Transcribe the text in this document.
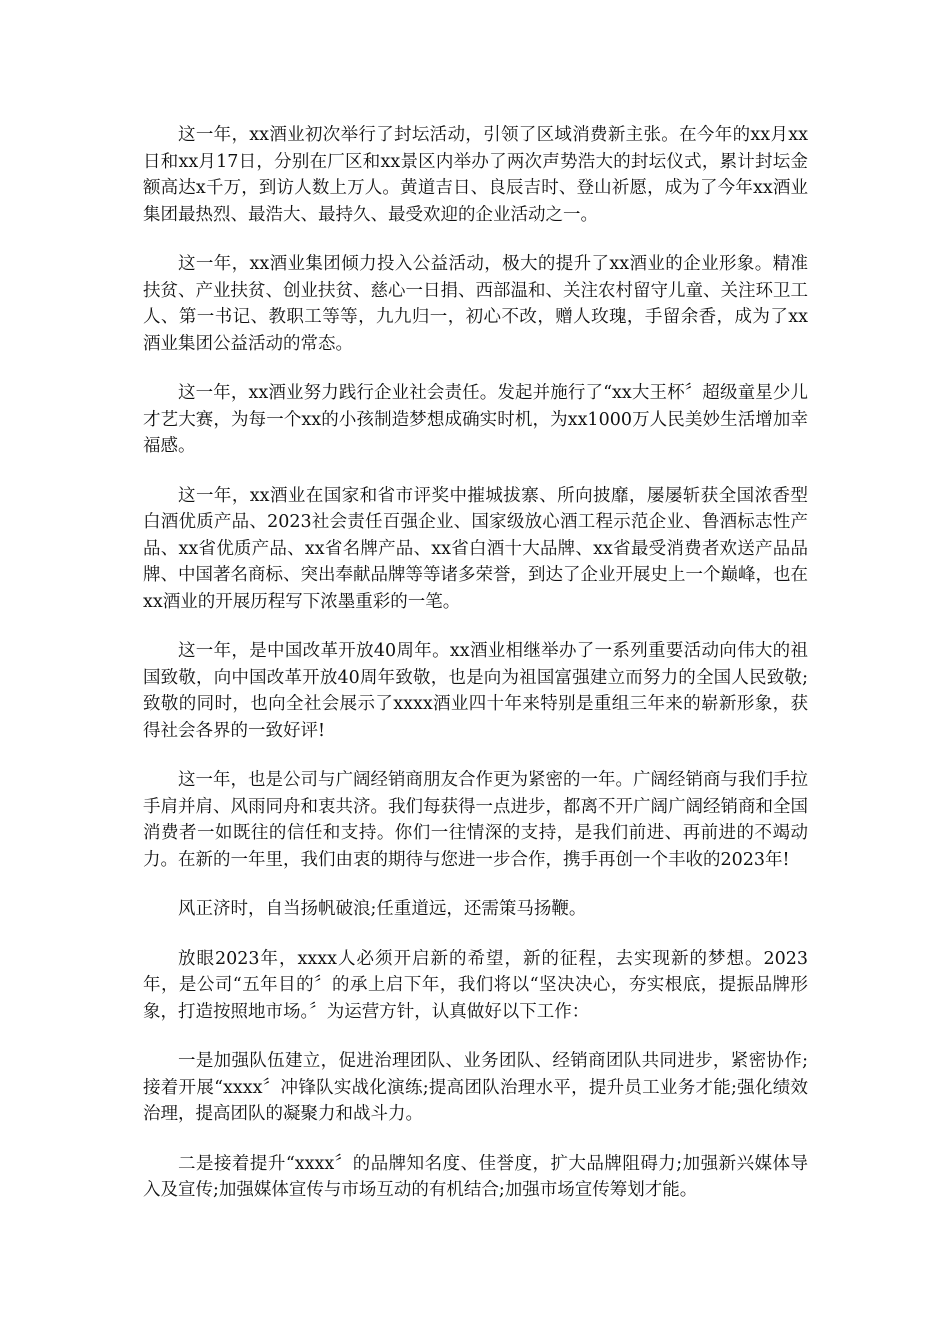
这一年，xx酒业初次举行了封坛活动，引领了区域消费新主张。在今年的xx月xx日和xx月17日，分别在厂区和xx景区内举办了两次声势浩大的封坛仪式，累计封坛金额高达x千万，到访人数上万人。黄道吉日、良辰吉时、登山祈愿，成为了今年xx酒业集团最热烈、最浩大、最持久、最受欢迎的企业活动之一。

这一年，xx酒业集团倾力投入公益活动，极大的提升了xx酒业的企业形象。精准扶贫、产业扶贫、创业扶贫、慈心一日捐、西部温和、关注农村留守儿童、关注环卫工人、第一书记、教职工等等，九九归一，初心不改，赠人玫瑰，手留余香，成为了xx酒业集团公益活动的常态。

这一年，xx酒业努力践行企业社会责任。发起并施行了“xx大王杯〞超级童星少儿才艺大赛，为每一个xx的小孩制造梦想成确实时机，为xx1000万人民美妙生活增加幸福感。

这一年，xx酒业在国家和省市评奖中摧城拔寨、所向披靡，屡屡斩获全国浓香型白酒优质产品、2023社会责任百强企业、国家级放心酒工程示范企业、鲁酒标志性产品、xx省优质产品、xx省名牌产品、xx省白酒十大品牌、xx省最受消费者欢送产品品牌、中国著名商标、突出奉献品牌等等诸多荣誉，到达了企业开展史上一个巅峰，也在xx酒业的开展历程写下浓墨重彩的一笔。

这一年，是中国改革开放40周年。xx酒业相继举办了一系列重要活动向伟大的祖国致敬，向中国改革开放40周年致敬，也是向为祖国富强建立而努力的全国人民致敬;致敬的同时，也向全社会展示了xxxx酒业四十年来特别是重组三年来的崭新形象，获得社会各界的一致好评!

这一年，也是公司与广阔经销商朋友合作更为紧密的一年。广阔经销商与我们手拉手肩并肩、风雨同舟和衷共济。我们每获得一点进步，都离不开广阔广阔经销商和全国消费者一如既往的信任和支持。你们一往情深的支持，是我们前进、再前进的不竭动力。在新的一年里，我们由衷的期待与您进一步合作，携手再创一个丰收的2023年!

风正济时，自当扬帆破浪;任重道远，还需策马扬鞭。

放眼2023年，xxxx人必须开启新的希望，新的征程，去实现新的梦想。2023年，是公司“五年目的〞的承上启下年，我们将以“坚决决心，夯实根底，提振品牌形象，打造按照地市场。〞为运营方针，认真做好以下工作：

一是加强队伍建立，促进治理团队、业务团队、经销商团队共同进步，紧密协作;接着开展“xxxx〞冲锋队实战化演练;提高团队治理水平，提升员工业务才能;强化绩效治理，提高团队的凝聚力和战斗力。

二是接着提升“xxxx〞的品牌知名度、佳誉度，扩大品牌阻碍力;加强新兴媒体导入及宣传;加强媒体宣传与市场互动的有机结合;加强市场宣传筹划才能。
